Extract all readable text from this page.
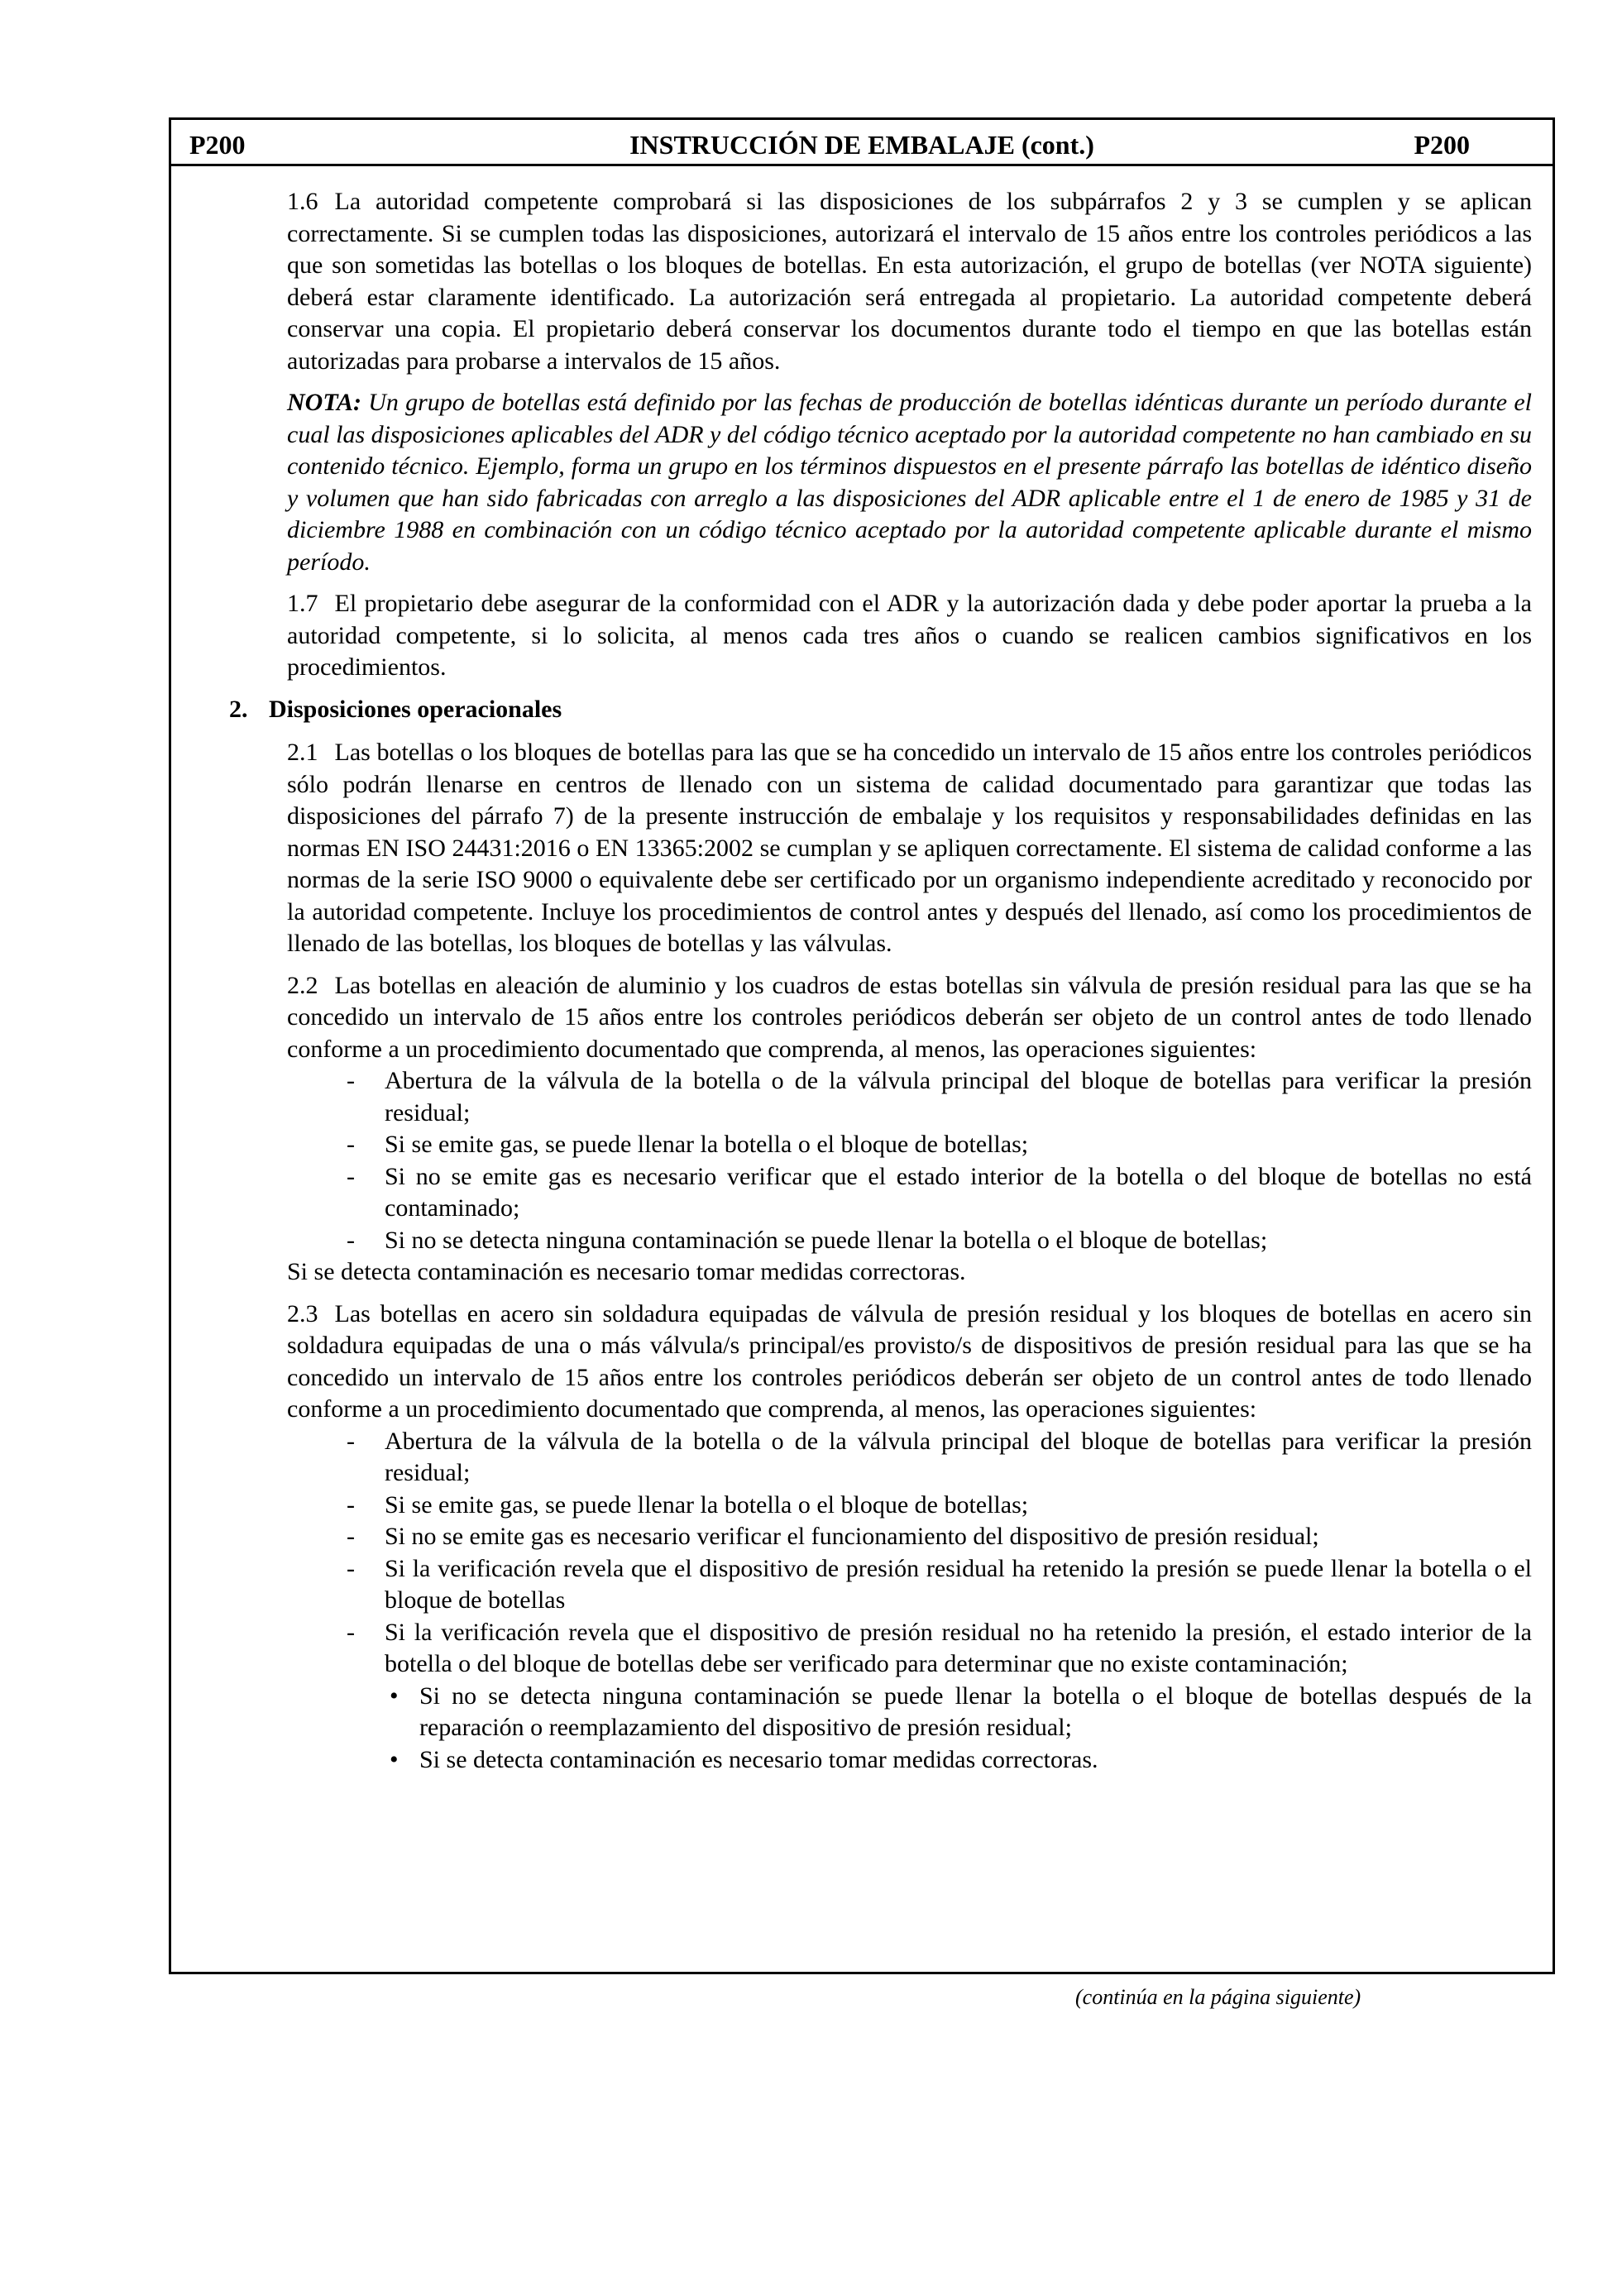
P200	INSTRUCCIÓN DE EMBALAJE (cont.)	P200

1.6 La autoridad competente comprobará si las disposiciones de los subpárrafos 2 y 3 se cumplen y se aplican correctamente. Si se cumplen todas las disposiciones, autorizará el intervalo de 15 años entre los controles periódicos a las que son sometidas las botellas o los bloques de botellas. En esta autorización, el grupo de botellas (ver NOTA siguiente) deberá estar claramente identificado. La autorización será entregada al propietario. La autoridad competente deberá conservar una copia. El propietario deberá conservar los documentos durante todo el tiempo en que las botellas están autorizadas para probarse a intervalos de 15 años.

NOTA: Un grupo de botellas está definido por las fechas de producción de botellas idénticas durante un período durante el cual las disposiciones aplicables del ADR y del código técnico aceptado por la autoridad competente no han cambiado en su contenido técnico. Ejemplo, forma un grupo en los términos dispuestos en el presente párrafo las botellas de idéntico diseño y volumen que han sido fabricadas con arreglo a las disposiciones del ADR aplicable entre el 1 de enero de 1985 y 31 de diciembre 1988 en combinación con un código técnico aceptado por la autoridad competente aplicable durante el mismo período.

1.7 El propietario debe asegurar de la conformidad con el ADR y la autorización dada y debe poder aportar la prueba a la autoridad competente, si lo solicita, al menos cada tres años o cuando se realicen cambios significativos en los procedimientos.

2. Disposiciones operacionales

2.1 Las botellas o los bloques de botellas para las que se ha concedido un intervalo de 15 años entre los controles periódicos sólo podrán llenarse en centros de llenado con un sistema de calidad documentado para garantizar que todas las disposiciones del párrafo 7) de la presente instrucción de embalaje y los requisitos y responsabilidades definidas en las normas EN ISO 24431:2016 o EN 13365:2002 se cumplan y se apliquen correctamente. El sistema de calidad conforme a las normas de la serie ISO 9000 o equivalente debe ser certificado por un organismo independiente acreditado y reconocido por la autoridad competente. Incluye los procedimientos de control antes y después del llenado, así como los procedimientos de llenado de las botellas, los bloques de botellas y las válvulas.

2.2 Las botellas en aleación de aluminio y los cuadros de estas botellas sin válvula de presión residual para las que se ha concedido un intervalo de 15 años entre los controles periódicos deberán ser objeto de un control antes de todo llenado conforme a un procedimiento documentado que comprenda, al menos, las operaciones siguientes:

- Abertura de la válvula de la botella o de la válvula principal del bloque de botellas para verificar la presión residual;
- Si se emite gas, se puede llenar la botella o el bloque de botellas;
- Si no se emite gas es necesario verificar que el estado interior de la botella o del bloque de botellas no está contaminado;
- Si no se detecta ninguna contaminación se puede llenar la botella o el bloque de botellas;

Si se detecta contaminación es necesario tomar medidas correctoras.

2.3 Las botellas en acero sin soldadura equipadas de válvula de presión residual y los bloques de botellas en acero sin soldadura equipadas de una o más válvula/s principal/es provisto/s de dispositivos de presión residual para las que se ha concedido un intervalo de 15 años entre los controles periódicos deberán ser objeto de un control antes de todo llenado conforme a un procedimiento documentado que comprenda, al menos, las operaciones siguientes:

- Abertura de la válvula de la botella o de la válvula principal del bloque de botellas para verificar la presión residual;
- Si se emite gas, se puede llenar la botella o el bloque de botellas;
- Si no se emite gas es necesario verificar el funcionamiento del dispositivo de presión residual;
- Si la verificación revela que el dispositivo de presión residual ha retenido la presión se puede llenar la botella o el bloque de botellas
- Si la verificación revela que el dispositivo de presión residual no ha retenido la presión, el estado interior de la botella o del bloque de botellas debe ser verificado para determinar que no existe contaminación;
• Si no se detecta ninguna contaminación se puede llenar la botella o el bloque de botellas después de la reparación o reemplazamiento del dispositivo de presión residual;
• Si se detecta contaminación es necesario tomar medidas correctoras.
(continúa en la página siguiente)
